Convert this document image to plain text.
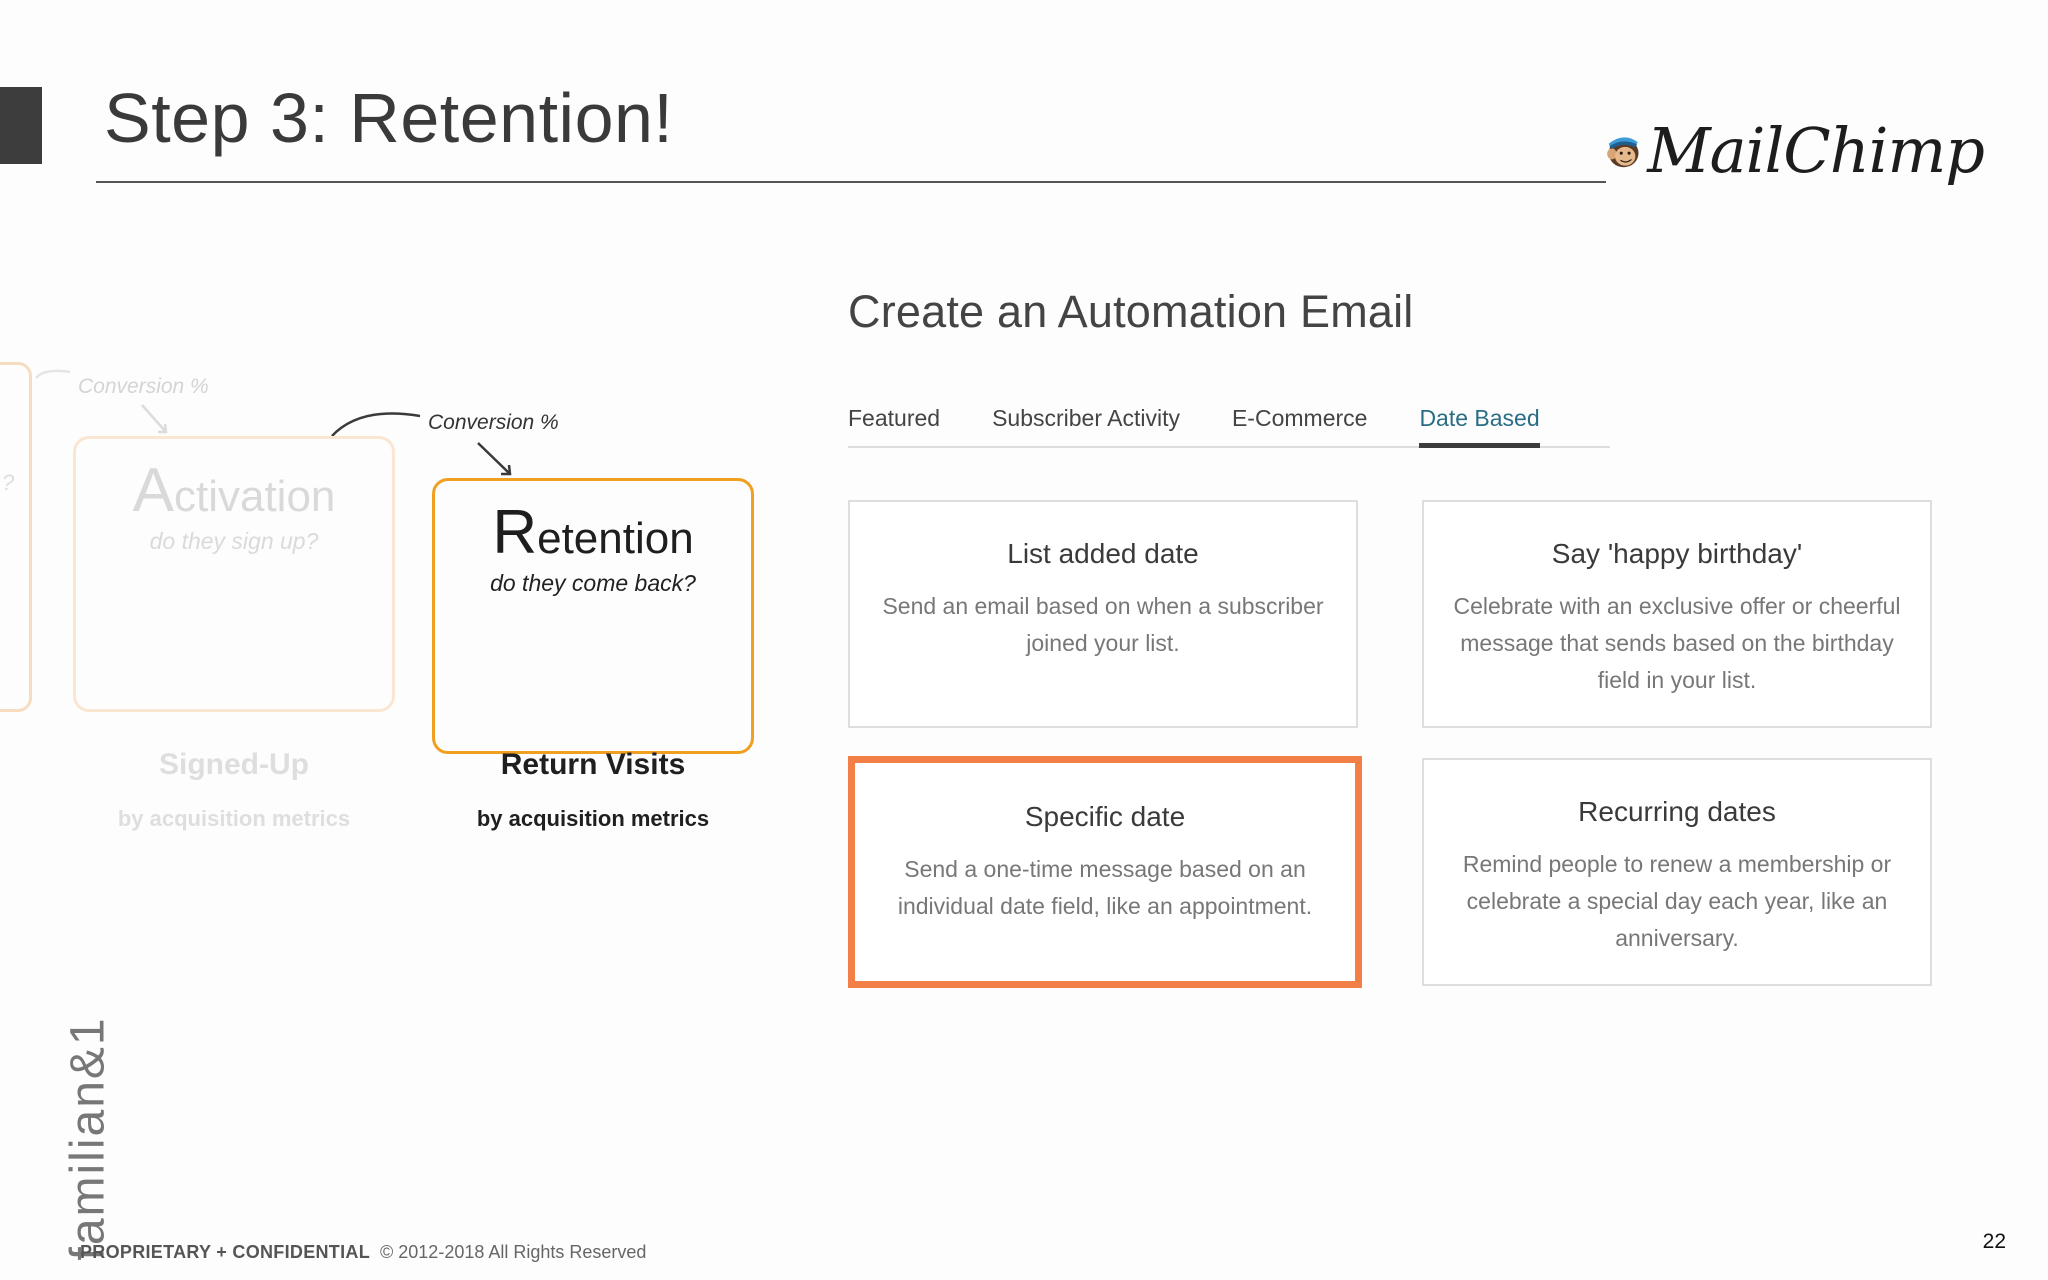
Step 3: Retention!	MailChimp
?
Conversion %
Conversion %
Activation
do they sign up?
Signed-Up
by acquisition metrics
Retention
do they come back?
Return Visits
by acquisition metrics
Create an Automation Email
Featured Subscriber Activity E-Commerce Date Based
List added date
Send an email based on when a subscriber joined your list.
Say 'happy birthday'
Celebrate with an exclusive offer or cheerful message that sends based on the birthday field in your list.
Specific date
Send a one-time message based on an individual date field, like an appointment.
Recurring dates
Remind people to renew a membership or celebrate a special day each year, like an anniversary.
familian&1
PROPRIETARY + CONFIDENTIAL © 2012-2018 All Rights Reserved	22
